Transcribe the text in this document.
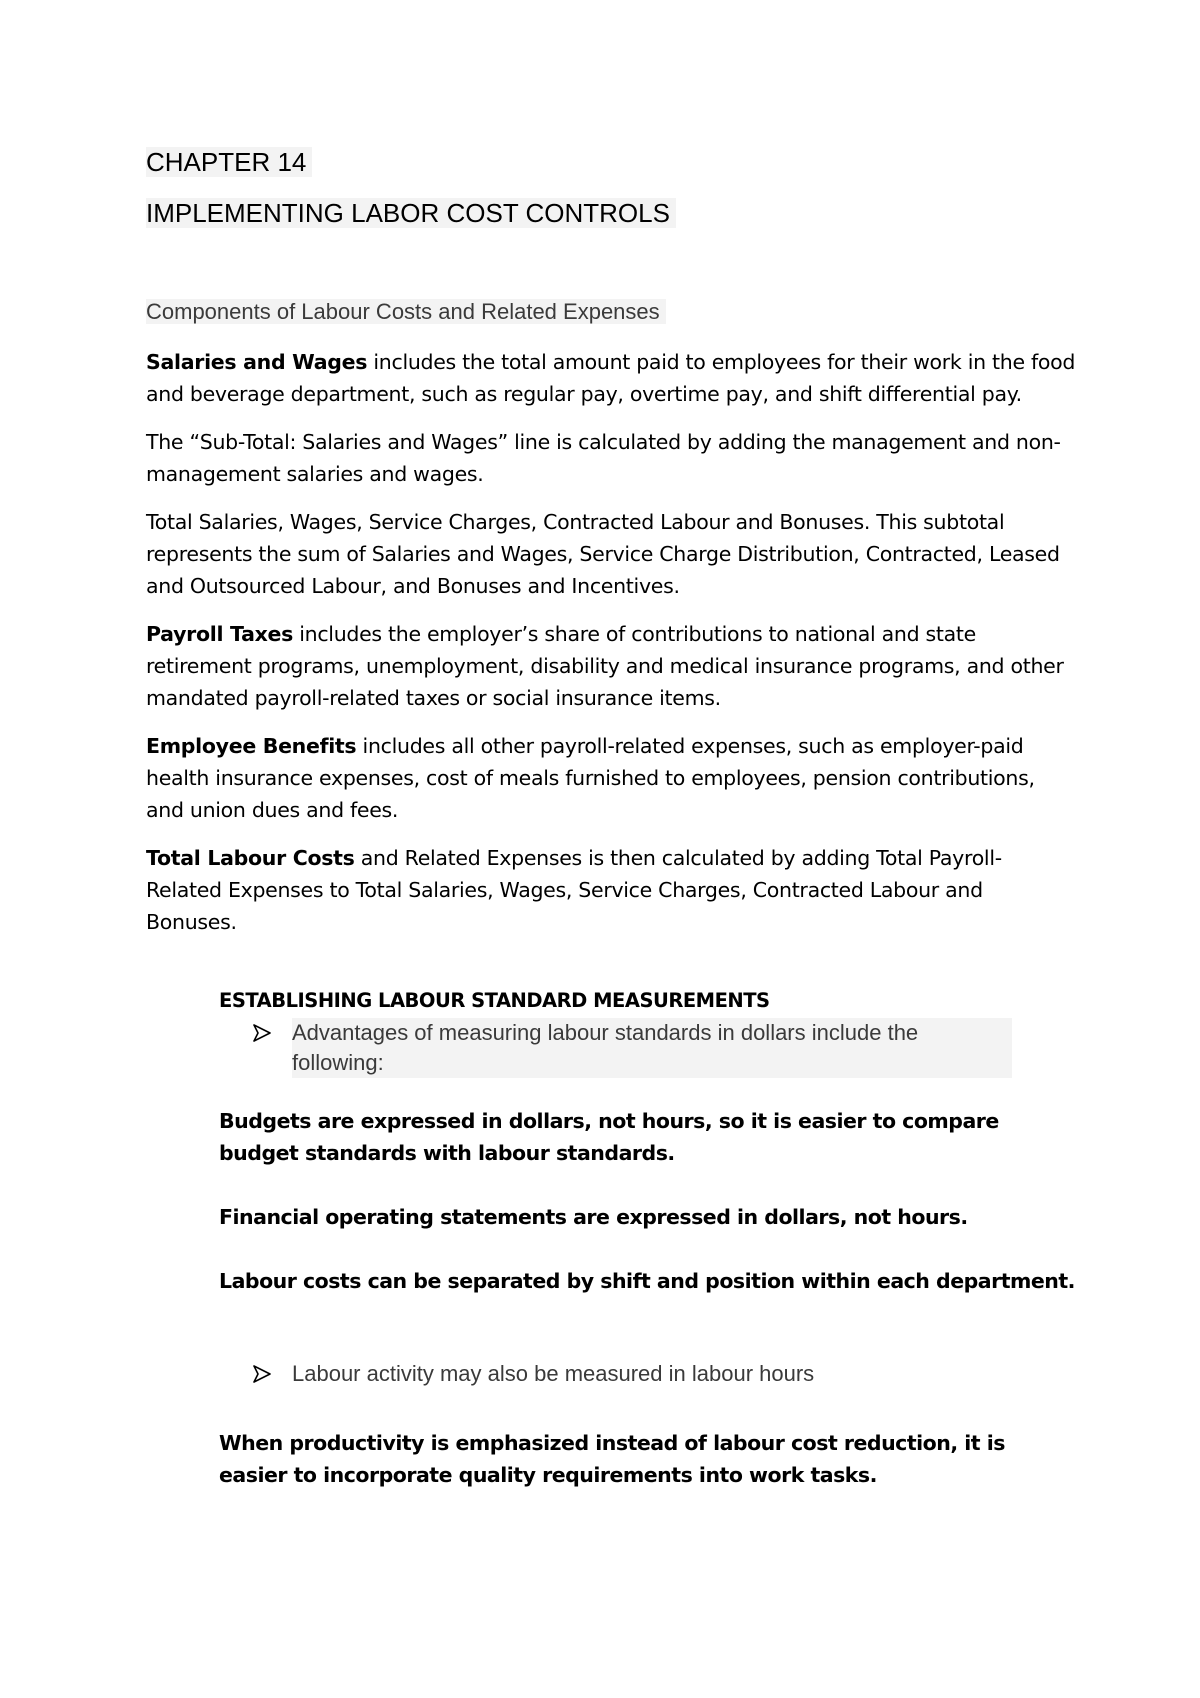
CHAPTER 14
IMPLEMENTING LABOR COST CONTROLS
Components of Labour Costs and Related Expenses

Salaries and Wages includes the total amount paid to employees for their work in the food and beverage department, such as regular pay, overtime pay, and shift differential pay.

The “Sub-Total: Salaries and Wages” line is calculated by adding the management and non-management salaries and wages.

Total Salaries, Wages, Service Charges, Contracted Labour and Bonuses. This subtotal represents the sum of Salaries and Wages, Service Charge Distribution, Contracted, Leased and Outsourced Labour, and Bonuses and Incentives.

Payroll Taxes includes the employer’s share of contributions to national and state retirement programs, unemployment, disability and medical insurance programs, and other mandated payroll-related taxes or social insurance items.

Employee Benefits includes all other payroll-related expenses, such as employer-paid health insurance expenses, cost of meals furnished to employees, pension contributions, and union dues and fees.

Total Labour Costs and Related Expenses is then calculated by adding Total Payroll-Related Expenses to Total Salaries, Wages, Service Charges, Contracted Labour and Bonuses.

ESTABLISHING LABOUR STANDARD MEASUREMENTS
Advantages of measuring labour standards in dollars include the following:

Budgets are expressed in dollars, not hours, so it is easier to compare budget standards with labour standards.

Financial operating statements are expressed in dollars, not hours.

Labour costs can be separated by shift and position within each department.

Labour activity may also be measured in labour hours

When productivity is emphasized instead of labour cost reduction, it is easier to incorporate quality requirements into work tasks.
